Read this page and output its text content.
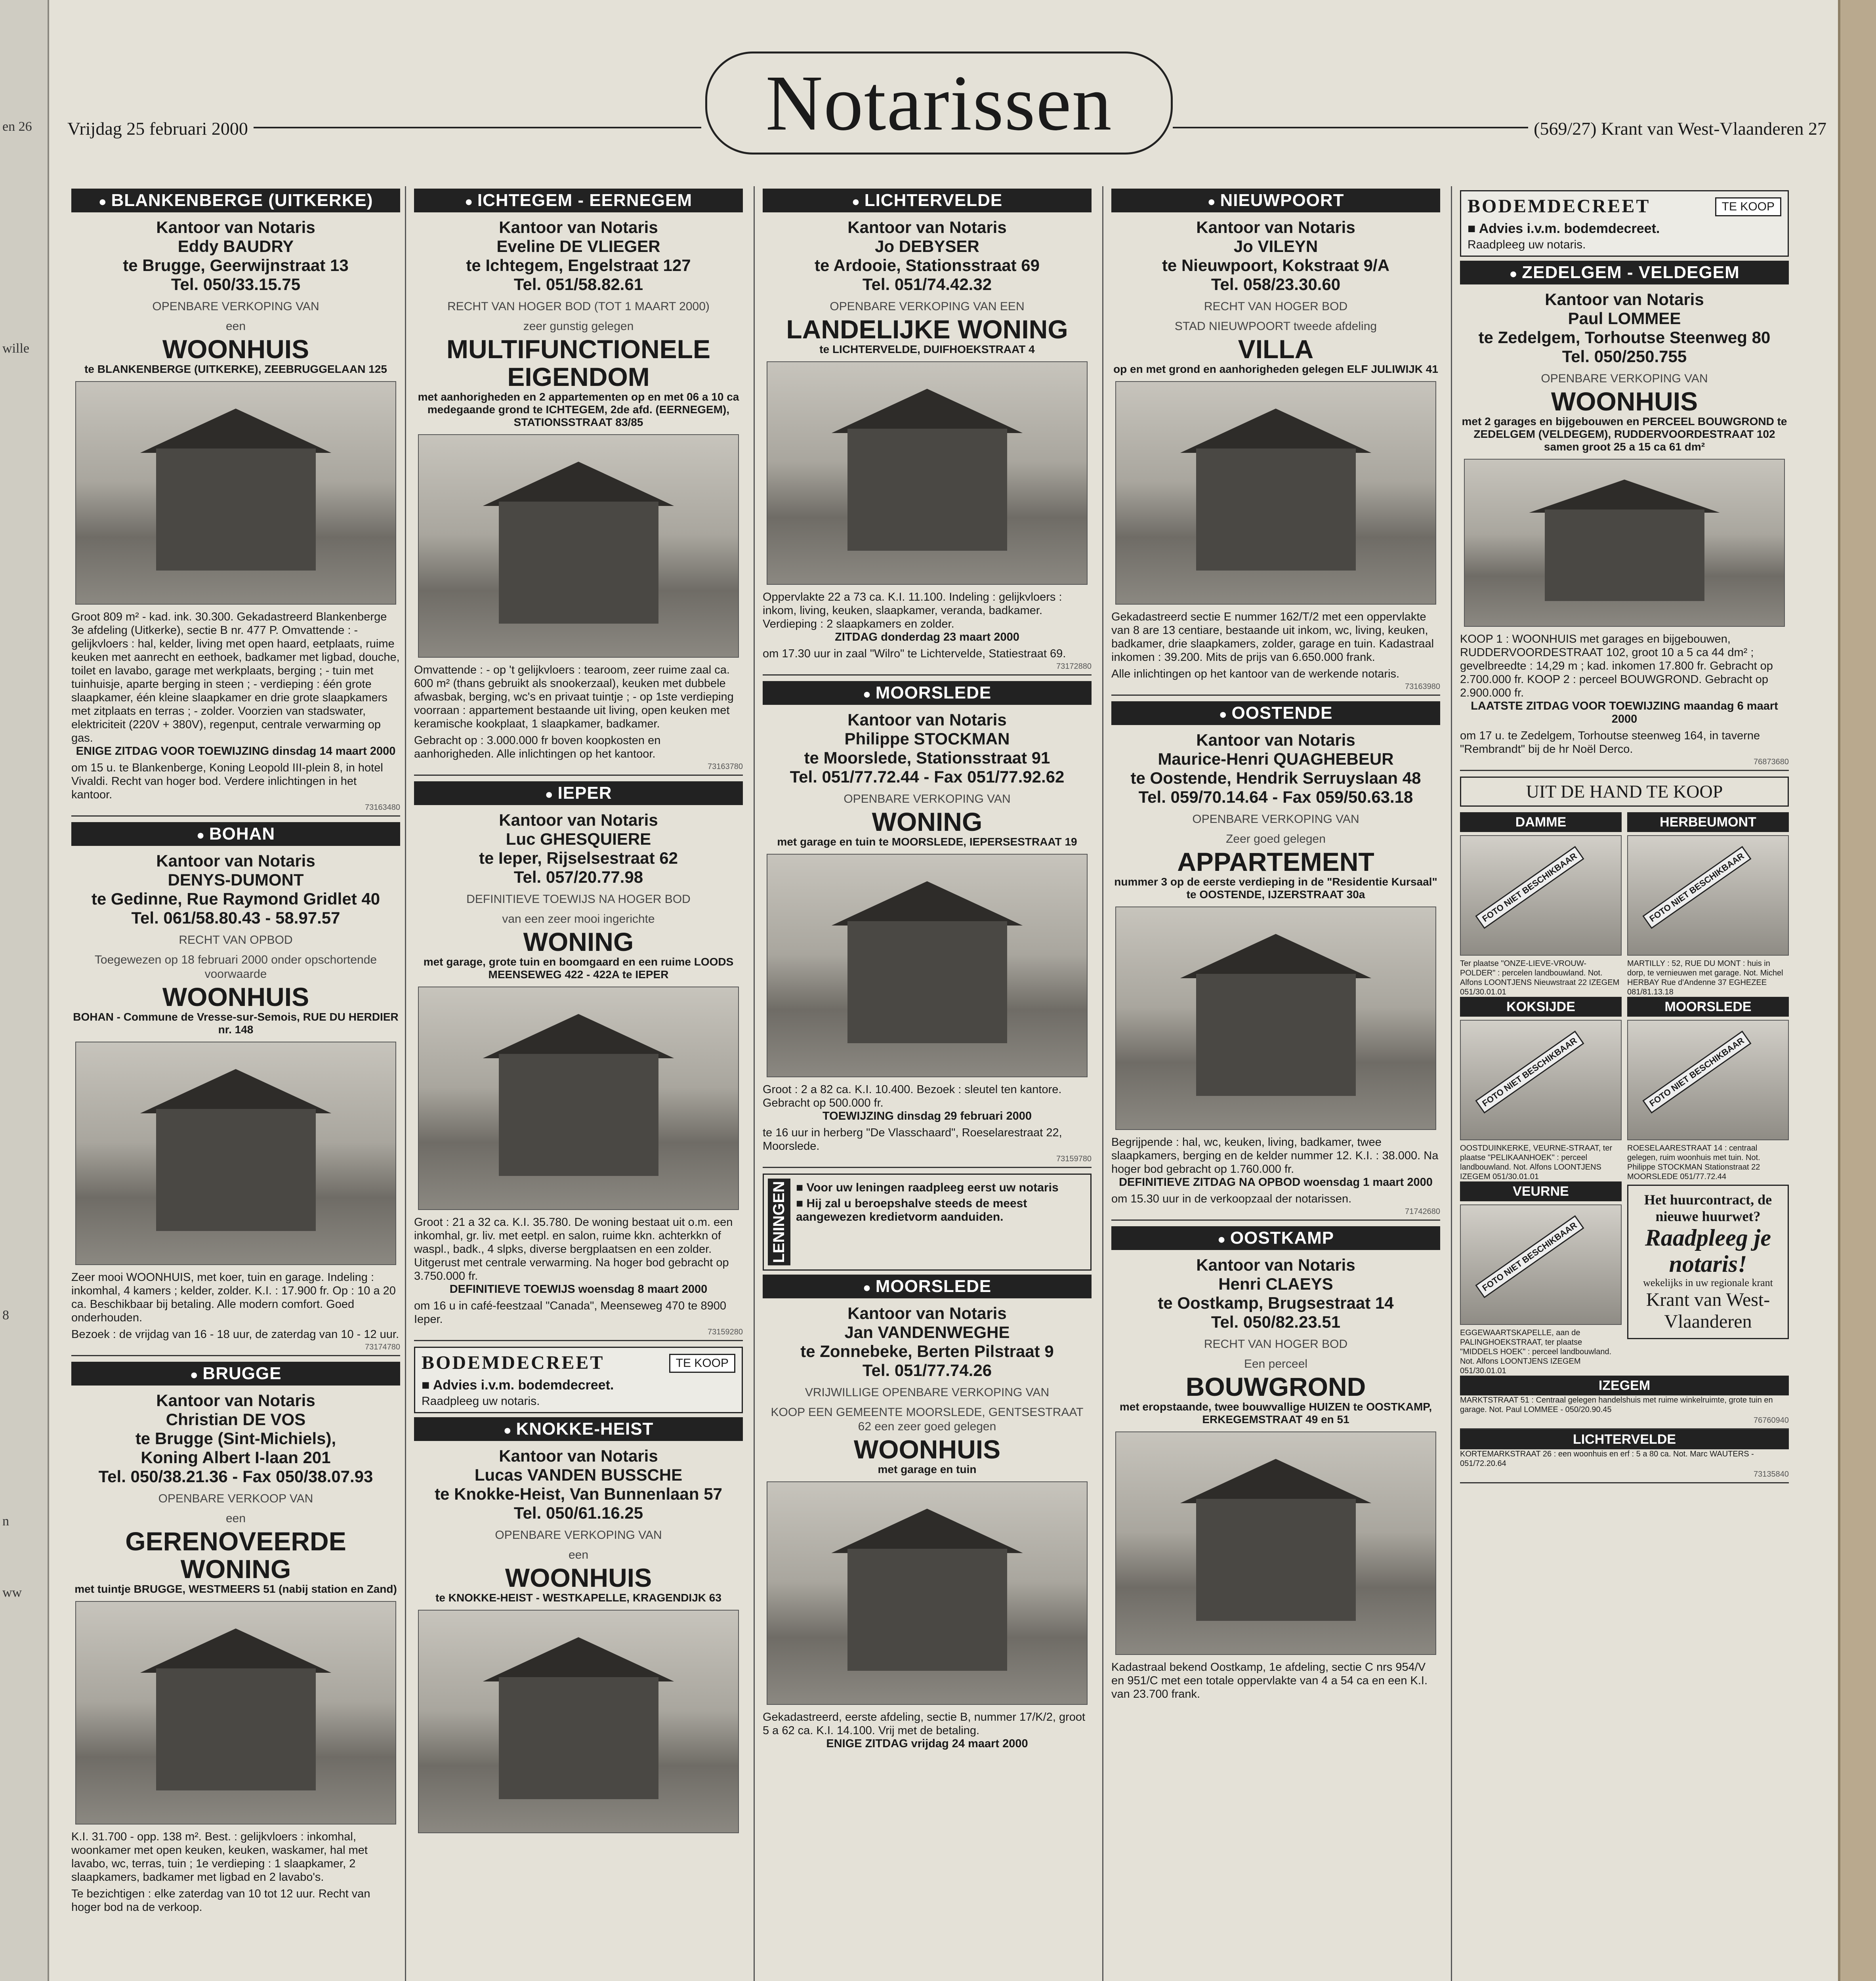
en 26
wille
8
n
ww
Vrijdag 25 februari 2000	Notarissen	(569/27) Krant van West-Vlaanderen 27
● BLANKENBERGE (UITKERKE)
Kantoor van Notaris
Eddy BAUDRY
te Brugge, Geerwijnstraat 13
Tel. 050/33.15.75
OPENBARE VERKOPING VAN
een
WOONHUIS
te BLANKENBERGE (UITKERKE), ZEEBRUGGELAAN 125
Groot 809 m² - kad. ink. 30.300. Gekadastreerd Blankenberge 3e afdeling (Uitkerke), sectie B nr. 477 P. Omvattende : - gelijkvloers : hal, kelder, living met open haard, eetplaats, ruime keuken met aanrecht en eethoek, badkamer met ligbad, douche, toilet en lavabo, garage met werkplaats, berging ; - tuin met tuinhuisje, aparte berging in steen ; - verdieping : één grote slaapkamer, één kleine slaapkamer en drie grote slaapkamers met zitplaats en terras ; - zolder. Voorzien van stadswater, elektriciteit (220V + 380V), regenput, centrale verwarming op gas.
ENIGE ZITDAG VOOR TOEWIJZING dinsdag 14 maart 2000
om 15 u. te Blankenberge, Koning Leopold III-plein 8, in hotel Vivaldi. Recht van hoger bod. Verdere inlichtingen in het kantoor.
73163480
● BOHAN
Kantoor van Notaris
DENYS-DUMONT
te Gedinne, Rue Raymond Gridlet 40
Tel. 061/58.80.43 - 58.97.57
RECHT VAN OPBOD
Toegewezen op 18 februari 2000 onder opschortende voorwaarde
WOONHUIS
BOHAN - Commune de Vresse-sur-Semois, RUE DU HERDIER nr. 148
Zeer mooi WOONHUIS, met koer, tuin en garage. Indeling : inkomhal, 4 kamers ; kelder, zolder. K.I. : 17.900 fr. Op : 10 a 20 ca. Beschikbaar bij betaling. Alle modern comfort. Goed onderhouden.
Bezoek : de vrijdag van 16 - 18 uur, de zaterdag van 10 - 12 uur.
73174780
● BRUGGE
Kantoor van Notaris
Christian DE VOS
te Brugge (Sint-Michiels),
Koning Albert I-laan 201
Tel. 050/38.21.36 - Fax 050/38.07.93
OPENBARE VERKOOP VAN
een
GERENOVEERDE WONING
met tuintje BRUGGE, WESTMEERS 51 (nabij station en Zand)
K.I. 31.700 - opp. 138 m². Best. : gelijkvloers : inkomhal, woonkamer met open keuken, keuken, waskamer, hal met lavabo, wc, terras, tuin ; 1e verdieping : 1 slaapkamer, 2 slaapkamers, badkamer met ligbad en 2 lavabo's.
Te bezichtigen : elke zaterdag van 10 tot 12 uur. Recht van hoger bod na de verkoop.
● ICHTEGEM - EERNEGEM
Kantoor van Notaris
Eveline DE VLIEGER
te Ichtegem, Engelstraat 127
Tel. 051/58.82.61
RECHT VAN HOGER BOD (TOT 1 MAART 2000)
zeer gunstig gelegen
MULTIFUNCTIONELE EIGENDOM
met aanhorigheden en 2 appartementen op en met 06 a 10 ca medegaande grond te ICHTEGEM, 2de afd. (EERNEGEM), STATIONSSTRAAT 83/85
Omvattende : - op 't gelijkvloers : tearoom, zeer ruime zaal ca. 600 m² (thans gebruikt als snookerzaal), keuken met dubbele afwasbak, berging, wc's en privaat tuintje ; - op 1ste verdieping voorraan : appartement bestaande uit living, open keuken met keramische kookplaat, 1 slaapkamer, badkamer.
Gebracht op : 3.000.000 fr boven koopkosten en aanhorigheden. Alle inlichtingen op het kantoor.
73163780
● IEPER
Kantoor van Notaris
Luc GHESQUIERE
te Ieper, Rijselsestraat 62
Tel. 057/20.77.98
DEFINITIEVE TOEWIJS NA HOGER BOD
van een zeer mooi ingerichte
WONING
met garage, grote tuin en boomgaard en een ruime LOODS MEENSEWEG 422 - 422A te IEPER
Groot : 21 a 32 ca. K.I. 35.780. De woning bestaat uit o.m. een inkomhal, gr. liv. met eetpl. en salon, ruime kkn. achterkkn of waspl., badk., 4 slpks, diverse bergplaatsen en een zolder. Uitgerust met centrale verwarming. Na hoger bod gebracht op 3.750.000 fr.
DEFINITIEVE TOEWIJS woensdag 8 maart 2000
om 16 u in café-feestzaal "Canada", Meenseweg 470 te 8900 Ieper.
73159280
BODEMDECREET	TE KOOP
■ Advies i.v.m. bodemdecreet.
Raadpleeg uw notaris.
● KNOKKE-HEIST
Kantoor van Notaris
Lucas VANDEN BUSSCHE
te Knokke-Heist, Van Bunnenlaan 57
Tel. 050/61.16.25
OPENBARE VERKOPING VAN
een
WOONHUIS
te KNOKKE-HEIST - WESTKAPELLE, KRAGENDIJK 63
● LICHTERVELDE
Kantoor van Notaris
Jo DEBYSER
te Ardooie, Stationsstraat 69
Tel. 051/74.42.32
OPENBARE VERKOPING VAN EEN
LANDELIJKE WONING
te LICHTERVELDE, DUIFHOEKSTRAAT 4
Oppervlakte 22 a 73 ca. K.I. 11.100. Indeling : gelijkvloers : inkom, living, keuken, slaapkamer, veranda, badkamer. Verdieping : 2 slaapkamers en zolder.
ZITDAG donderdag 23 maart 2000
om 17.30 uur in zaal "Wilro" te Lichtervelde, Statiestraat 69.
73172880
● MOORSLEDE
Kantoor van Notaris
Philippe STOCKMAN
te Moorslede, Stationsstraat 91
Tel. 051/77.72.44 - Fax 051/77.92.62
OPENBARE VERKOPING VAN
WONING
met garage en tuin te MOORSLEDE, IEPERSESTRAAT 19
Groot : 2 a 82 ca. K.I. 10.400. Bezoek : sleutel ten kantore. Gebracht op 500.000 fr.
TOEWIJZING dinsdag 29 februari 2000
te 16 uur in herberg "De Vlasschaard", Roeselarestraat 22, Moorslede.
73159780
LENINGEN ■ Voor uw leningen raadpleeg eerst uw notaris
■ Hij zal u beroepshalve steeds de meest aangewezen kredietvorm aanduiden.
● MOORSLEDE
Kantoor van Notaris
Jan VANDENWEGHE
te Zonnebeke, Berten Pilstraat 9
Tel. 051/77.74.26
VRIJWILLIGE OPENBARE VERKOPING VAN
KOOP EEN GEMEENTE MOORSLEDE, GENTSESTRAAT 62 een zeer goed gelegen
WOONHUIS
met garage en tuin
Gekadastreerd, eerste afdeling, sectie B, nummer 17/K/2, groot 5 a 62 ca. K.I. 14.100. Vrij met de betaling.
ENIGE ZITDAG vrijdag 24 maart 2000
● NIEUWPOORT
Kantoor van Notaris
Jo VILEYN
te Nieuwpoort, Kokstraat 9/A
Tel. 058/23.30.60
RECHT VAN HOGER BOD
STAD NIEUWPOORT tweede afdeling
VILLA
op en met grond en aanhorigheden gelegen ELF JULIWIJK 41
Gekadastreerd sectie E nummer 162/T/2 met een oppervlakte van 8 are 13 centiare, bestaande uit inkom, wc, living, keuken, badkamer, drie slaapkamers, zolder, garage en tuin. Kadastraal inkomen : 39.200. Mits de prijs van 6.650.000 frank.
Alle inlichtingen op het kantoor van de werkende notaris.
73163980
● OOSTENDE
Kantoor van Notaris
Maurice-Henri QUAGHEBEUR
te Oostende, Hendrik Serruyslaan 48
Tel. 059/70.14.64 - Fax 059/50.63.18
OPENBARE VERKOPING VAN
Zeer goed gelegen
APPARTEMENT
nummer 3 op de eerste verdieping in de "Residentie Kursaal" te OOSTENDE, IJZERSTRAAT 30a
Begrijpende : hal, wc, keuken, living, badkamer, twee slaapkamers, berging en de kelder nummer 12. K.I. : 38.000. Na hoger bod gebracht op 1.760.000 fr.
DEFINITIEVE ZITDAG NA OPBOD woensdag 1 maart 2000
om 15.30 uur in de verkoopzaal der notarissen.
71742680
● OOSTKAMP
Kantoor van Notaris
Henri CLAEYS
te Oostkamp, Brugsestraat 14
Tel. 050/82.23.51
RECHT VAN HOGER BOD
Een perceel
BOUWGROND
met eropstaande, twee bouwvallige HUIZEN te OOSTKAMP, ERKEGEMSTRAAT 49 en 51
Kadastraal bekend Oostkamp, 1e afdeling, sectie C nrs 954/V en 951/C met een totale oppervlakte van 4 a 54 ca en een K.I. van 23.700 frank.
BODEMDECREET	TE KOOP
■ Advies i.v.m. bodemdecreet.
Raadpleeg uw notaris.
● ZEDELGEM - VELDEGEM
Kantoor van Notaris
Paul LOMMEE
te Zedelgem, Torhoutse Steenweg 80
Tel. 050/250.755
OPENBARE VERKOPING VAN
WOONHUIS
met 2 garages en bijgebouwen en PERCEEL BOUWGROND te ZEDELGEM (VELDEGEM), RUDDERVOORDESTRAAT 102 samen groot 25 a 15 ca 61 dm²
KOOP 1 : WOONHUIS met garages en bijgebouwen, RUDDERVOORDESTRAAT 102, groot 10 a 5 ca 44 dm² ; gevelbreedte : 14,29 m ; kad. inkomen 17.800 fr. Gebracht op 2.700.000 fr. KOOP 2 : perceel BOUWGROND. Gebracht op 2.900.000 fr.
LAATSTE ZITDAG VOOR TOEWIJZING maandag 6 maart 2000
om 17 u. te Zedelgem, Torhoutse steenweg 164, in taverne "Rembrandt" bij de hr Noël Derco.
76873680
UIT DE HAND TE KOOP
DAMME
FOTO NIET BESCHIKBAAR
Ter plaatse "ONZE-LIEVE-VROUW-POLDER" : percelen landbouwland. Not. Alfons LOONTJENS Nieuwstraat 22 IZEGEM 051/30.01.01
HERBEUMONT
FOTO NIET BESCHIKBAAR
MARTILLY : 52, RUE DU MONT : huis in dorp, te vernieuwen met garage. Not. Michel HERBAY Rue d'Andenne 37 EGHEZEE 081/81.13.18
KOKSIJDE
FOTO NIET BESCHIKBAAR
OOSTDUINKERKE, VEURNE-STRAAT, ter plaatse "PELIKAANHOEK" : perceel landbouwland. Not. Alfons LOONTJENS IZEGEM 051/30.01.01
MOORSLEDE
FOTO NIET BESCHIKBAAR
ROESELAARESTRAAT 14 : centraal gelegen, ruim woonhuis met tuin. Not. Philippe STOCKMAN Stationstraat 22 MOORSLEDE 051/77.72.44
VEURNE
FOTO NIET BESCHIKBAAR
EGGEWAARTSKAPELLE, aan de PALINGHOEKSTRAAT, ter plaatse "MIDDELS HOEK" : perceel landbouwland. Not. Alfons LOONTJENS IZEGEM 051/30.01.01
Het huurcontract, de nieuwe huurwet?
Raadpleeg je notaris!
wekelijks in uw regionale krant
Krant van West-Vlaanderen
IZEGEM
MARKTSTRAAT 51 : Centraal gelegen handelshuis met ruime winkelruimte, grote tuin en garage. Not. Paul LOMMEE - 050/20.90.45
76760940
LICHTERVELDE
KORTEMARKSTRAAT 26 : een woonhuis en erf : 5 a 80 ca. Not. Marc WAUTERS - 051/72.20.64
73135840
